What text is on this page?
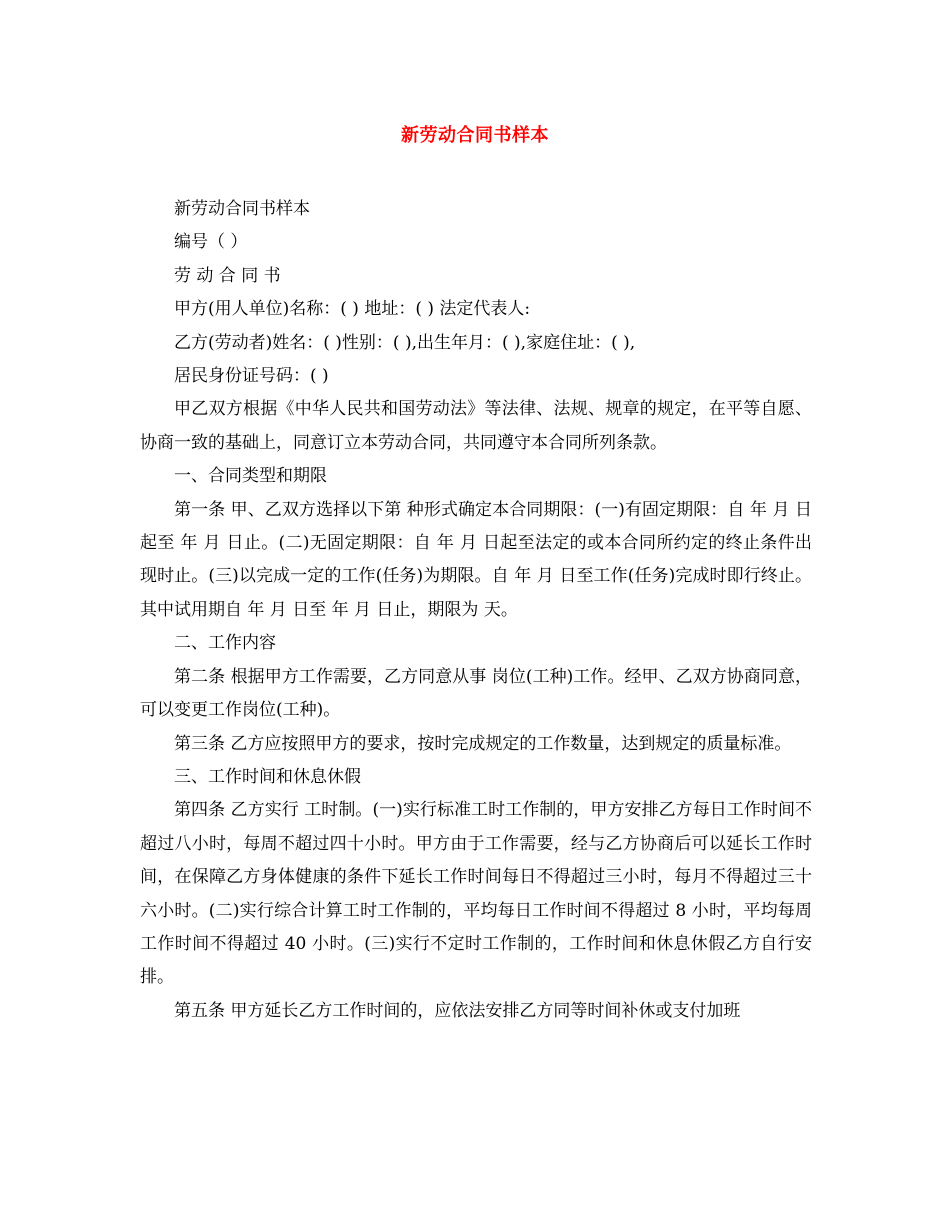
新劳动合同书样本

新劳动合同书样本

编号（ ）

劳 动 合 同 书

甲方(用人单位)名称：( ) 地址：( ) 法定代表人:

乙方(劳动者)姓名：( )性别：( ),出生年月：( ),家庭住址：( ),

居民身份证号码：( )

甲乙双方根据《中华人民共和国劳动法》等法律、法规、规章的规定，在平等自愿、协商一致的基础上，同意订立本劳动合同，共同遵守本合同所列条款。

一、合同类型和期限

第一条 甲、乙双方选择以下第 种形式确定本合同期限：(一)有固定期限：自 年 月 日起至 年 月 日止。(二)无固定期限：自 年 月 日起至法定的或本合同所约定的终止条件出现时止。(三)以完成一定的工作(任务)为期限。自 年 月 日至工作(任务)完成时即行终止。其中试用期自 年 月 日至 年 月 日止，期限为 天。

二、工作内容

第二条 根据甲方工作需要，乙方同意从事 岗位(工种)工作。经甲、乙双方协商同意，可以变更工作岗位(工种)。

第三条 乙方应按照甲方的要求，按时完成规定的工作数量，达到规定的质量标准。

三、工作时间和休息休假

第四条 乙方实行 工时制。(一)实行标准工时工作制的，甲方安排乙方每日工作时间不超过八小时，每周不超过四十小时。甲方由于工作需要，经与乙方协商后可以延长工作时间，在保障乙方身体健康的条件下延长工作时间每日不得超过三小时，每月不得超过三十六小时。(二)实行综合计算工时工作制的，平均每日工作时间不得超过 8 小时，平均每周工作时间不得超过 40 小时。(三)实行不定时工作制的，工作时间和休息休假乙方自行安排。

第五条 甲方延长乙方工作时间的，应依法安排乙方同等时间补休或支付加班
